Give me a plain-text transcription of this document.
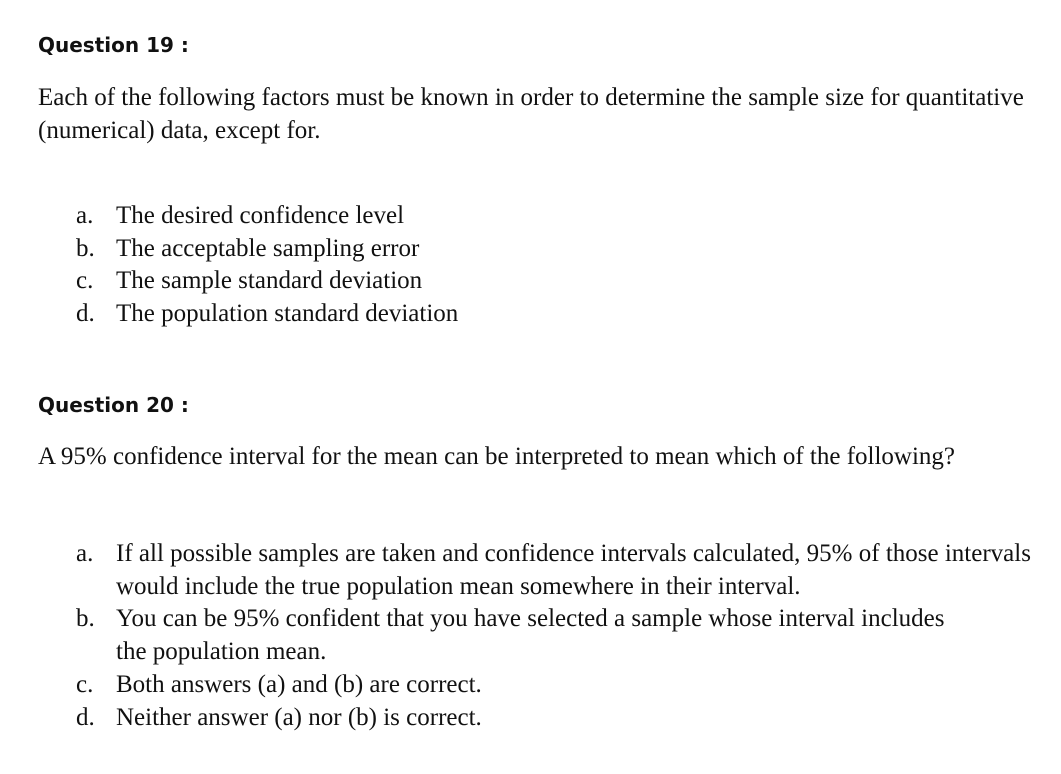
Question 19 :

Each of the following factors must be known in order to determine the sample size for quantitative (numerical) data, except for.

a. The desired confidence level
b. The acceptable sampling error
c. The sample standard deviation
d. The population standard deviation
Question 20 :

A 95% confidence interval for the mean can be interpreted to mean which of the following?

a. If all possible samples are taken and confidence intervals calculated, 95% of those intervals would include the true population mean somewhere in their interval.
b. You can be 95% confident that you have selected a sample whose interval includes the population mean.
c. Both answers (a) and (b) are correct.
d. Neither answer (a) nor (b) is correct.
